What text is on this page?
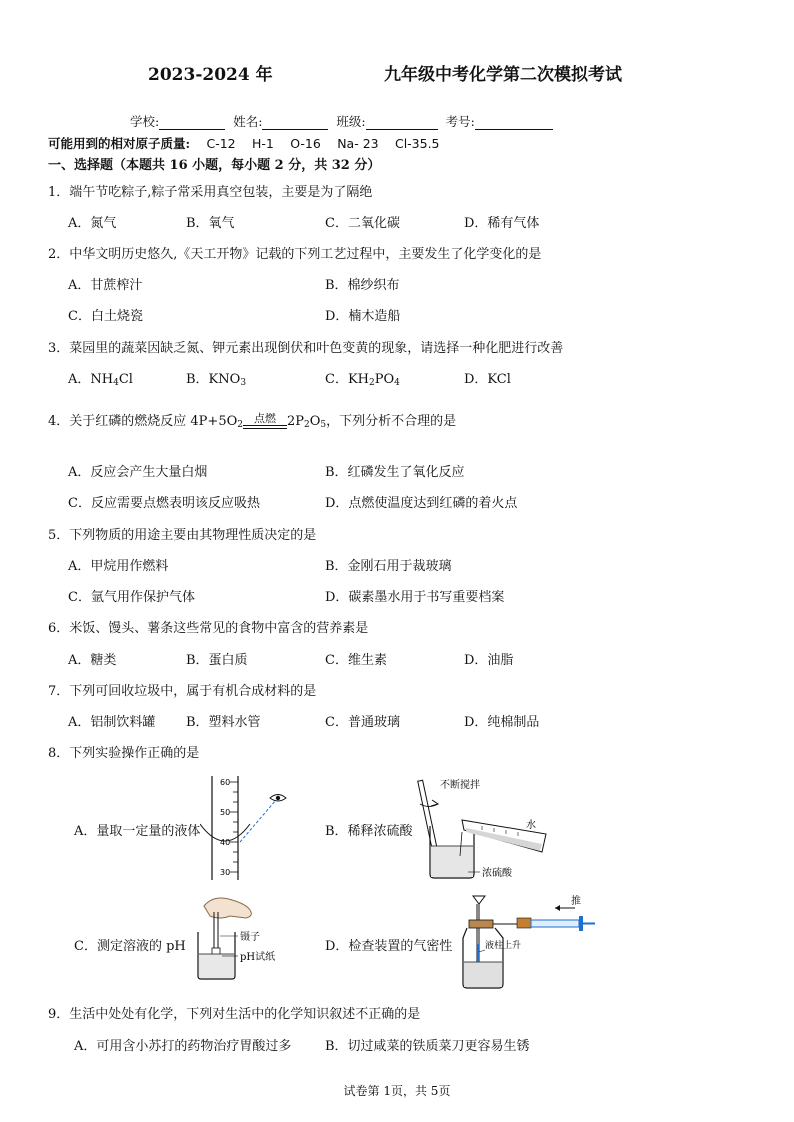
2023-2024 年	九年级中考化学第二次模拟考试
学校:	姓名:	班级:	考号:
可能用到的相对原子质量: C-12 H-1 O-16 Na- 23 Cl-35.5
一、选择题（本题共 16 小题，每小题 2 分，共 32 分）
1．端午节吃粽子,粽子常采用真空包装，主要是为了隔绝
A．氮气	B．氧气	C．二氧化碳	D．稀有气体
2．中华文明历史悠久,《天工开物》记载的下列工艺过程中，主要发生了化学变化的是
A．甘蔗榨汁	B．棉纱织布
C．白土烧瓷	D．楠木造船
3．菜园里的蔬菜因缺乏氮、钾元素出现倒伏和叶色变黄的现象，请选择一种化肥进行改善
A．$NH_4Cl$	B．$KNO_3$	C．$KH_2PO_4$	D．KCl
4．关于红磷的燃烧反应 $4P+5O_2$	点燃 $2P_2O_5$，下列分析不合理的是
A．反应会产生大量白烟	B．红磷发生了氧化反应
C．反应需要点燃表明该反应吸热	D．点燃使温度达到红磷的着火点
5．下列物质的用途主要由其物理性质决定的是
A．甲烷用作燃料	B．金刚石用于裁玻璃
C．氩气用作保护气体	D．碳素墨水用于书写重要档案
6．米饭、馒头、薯条这些常见的食物中富含的营养素是
A．糖类	B．蛋白质	C．维生素	D．油脂
7．下列可回收垃圾中，属于有机合成材料的是
A．铝制饮料罐 B．塑料水管	C．普通玻璃	D．纯棉制品
8．下列实验操作正确的是
A．量取一定量的液体	B．稀释浓硫酸
C．测定溶液的 pH	D．检查装置的气密性
60
50
40
30
不断搅拌
水
浓硫酸
镊子
pH试纸
推
液柱上升
9．生活中处处有化学，下列对生活中的化学知识叙述不正确的是
A．可用含小苏打的药物治疗胃酸过多	B．切过咸菜的铁质菜刀更容易生锈
试卷第 1页，共 5页
